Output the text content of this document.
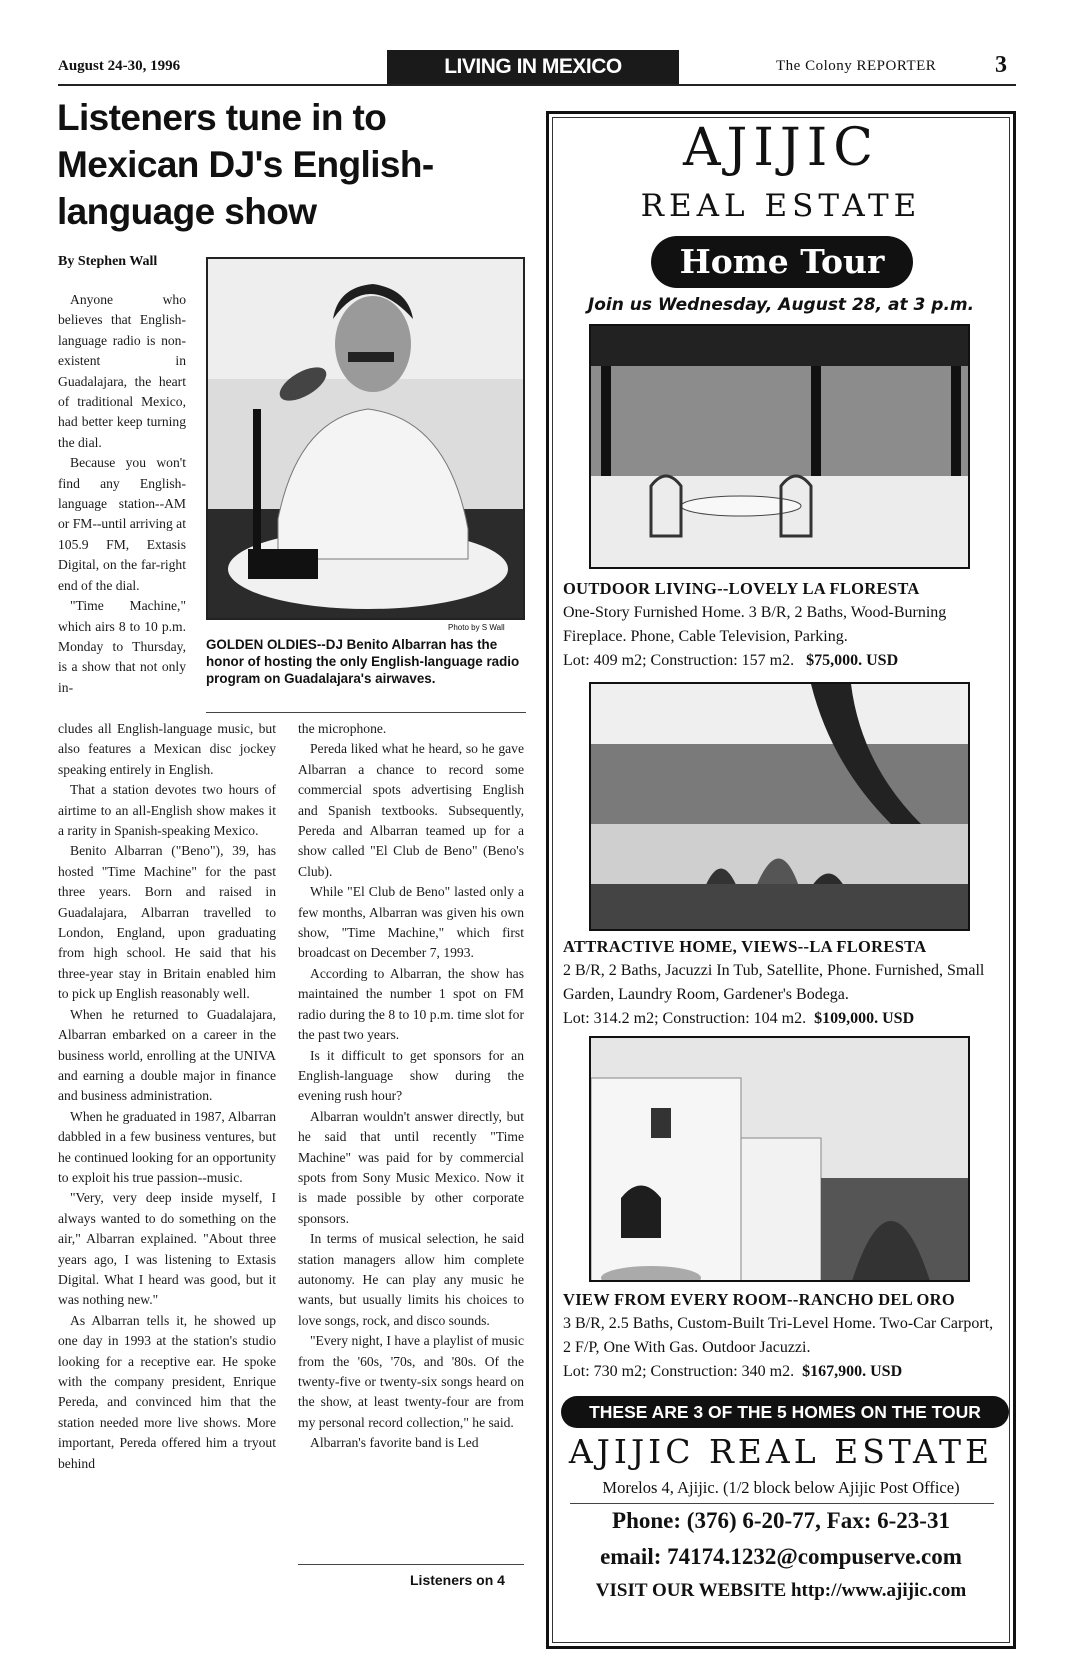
August 24-30, 1996	LIVING IN MEXICO	The Colony REPORTER 3
Listeners tune in to Mexican DJ's English-language show
By Stephen Wall
Photo by S Wall
GOLDEN OLDIES--DJ Benito Albarran has the honor of hosting the only English-language radio program on Guadalajara's airwaves.

Anyone who believes that English-language radio is non-existent in Guadalajara, the heart of traditional Mexico, had better keep turning the dial.

Because you won't find any English-language station--AM or FM--until arriving at 105.9 FM, Extasis Digital, on the far-right end of the dial.

"Time Machine," which airs 8 to 10 p.m. Monday to Thursday, is a show that not only in-

cludes all English-language music, but also features a Mexican disc jockey speaking entirely in English.

That a station devotes two hours of airtime to an all-English show makes it a rarity in Spanish-speaking Mexico.

Benito Albarran ("Beno"), 39, has hosted "Time Machine" for the past three years. Born and raised in Guadalajara, Albarran travelled to London, England, upon graduating from high school. He said that his three-year stay in Britain enabled him to pick up English reasonably well.

When he returned to Guadalajara, Albarran embarked on a career in the business world, enrolling at the UNIVA and earning a double major in finance and business administration.

When he graduated in 1987, Albarran dabbled in a few business ventures, but he continued looking for an opportunity to exploit his true passion--music.

"Very, very deep inside myself, I always wanted to do something on the air," Albarran explained. "About three years ago, I was listening to Extasis Digital. What I heard was good, but it was nothing new."

As Albarran tells it, he showed up one day in 1993 at the station's studio looking for a receptive ear. He spoke with the company president, Enrique Pereda, and convinced him that the station needed more live shows. More important, Pereda offered him a tryout behind

the microphone.

Pereda liked what he heard, so he gave Albarran a chance to record some commercial spots advertising English and Spanish textbooks. Subsequently, Pereda and Albarran teamed up for a show called "El Club de Beno" (Beno's Club).

While "El Club de Beno" lasted only a few months, Albarran was given his own show, "Time Machine," which first broadcast on December 7, 1993.

According to Albarran, the show has maintained the number 1 spot on FM radio during the 8 to 10 p.m. time slot for the past two years.

Is it difficult to get sponsors for an English-language show during the evening rush hour?

Albarran wouldn't answer directly, but he said that until recently "Time Machine" was paid for by commercial spots from Sony Music Mexico. Now it is made possible by other corporate sponsors.

In terms of musical selection, he said station managers allow him complete autonomy. He can play any music he wants, but usually limits his choices to love songs, rock, and disco sounds.

"Every night, I have a playlist of music from the '60s, '70s, and '80s. Of the twenty-five or twenty-six songs heard on the show, at least twenty-four are from my personal record collection," he said.

Albarran's favorite band is Led

Listeners on 4
AJIJIC
REAL ESTATE
Home Tour
Join us Wednesday, August 28, at 3 p.m.
OUTDOOR LIVING--LOVELY LA FLORESTA
One-Story Furnished Home. 3 B/R, 2 Baths, Wood-Burning Fireplace. Phone, Cable Television, Parking.
Lot: 409 m2; Construction: 157 m2. $75,000. USD
ATTRACTIVE HOME, VIEWS--LA FLORESTA
2 B/R, 2 Baths, Jacuzzi In Tub, Satellite, Phone. Furnished, Small Garden, Laundry Room, Gardener's Bodega.
Lot: 314.2 m2; Construction: 104 m2. $109,000. USD
VIEW FROM EVERY ROOM--RANCHO DEL ORO
3 B/R, 2.5 Baths, Custom-Built Tri-Level Home. Two-Car Carport, 2 F/P, One With Gas. Outdoor Jacuzzi.
Lot: 730 m2; Construction: 340 m2. $167,900. USD
THESE ARE 3 OF THE 5 HOMES ON THE TOUR
AJIJIC REAL ESTATE
Morelos 4, Ajijic. (1/2 block below Ajijic Post Office)
Phone: (376) 6-20-77, Fax: 6-23-31
email: 74174.1232@compuserve.com
VISIT OUR WEBSITE http://www.ajijic.com
